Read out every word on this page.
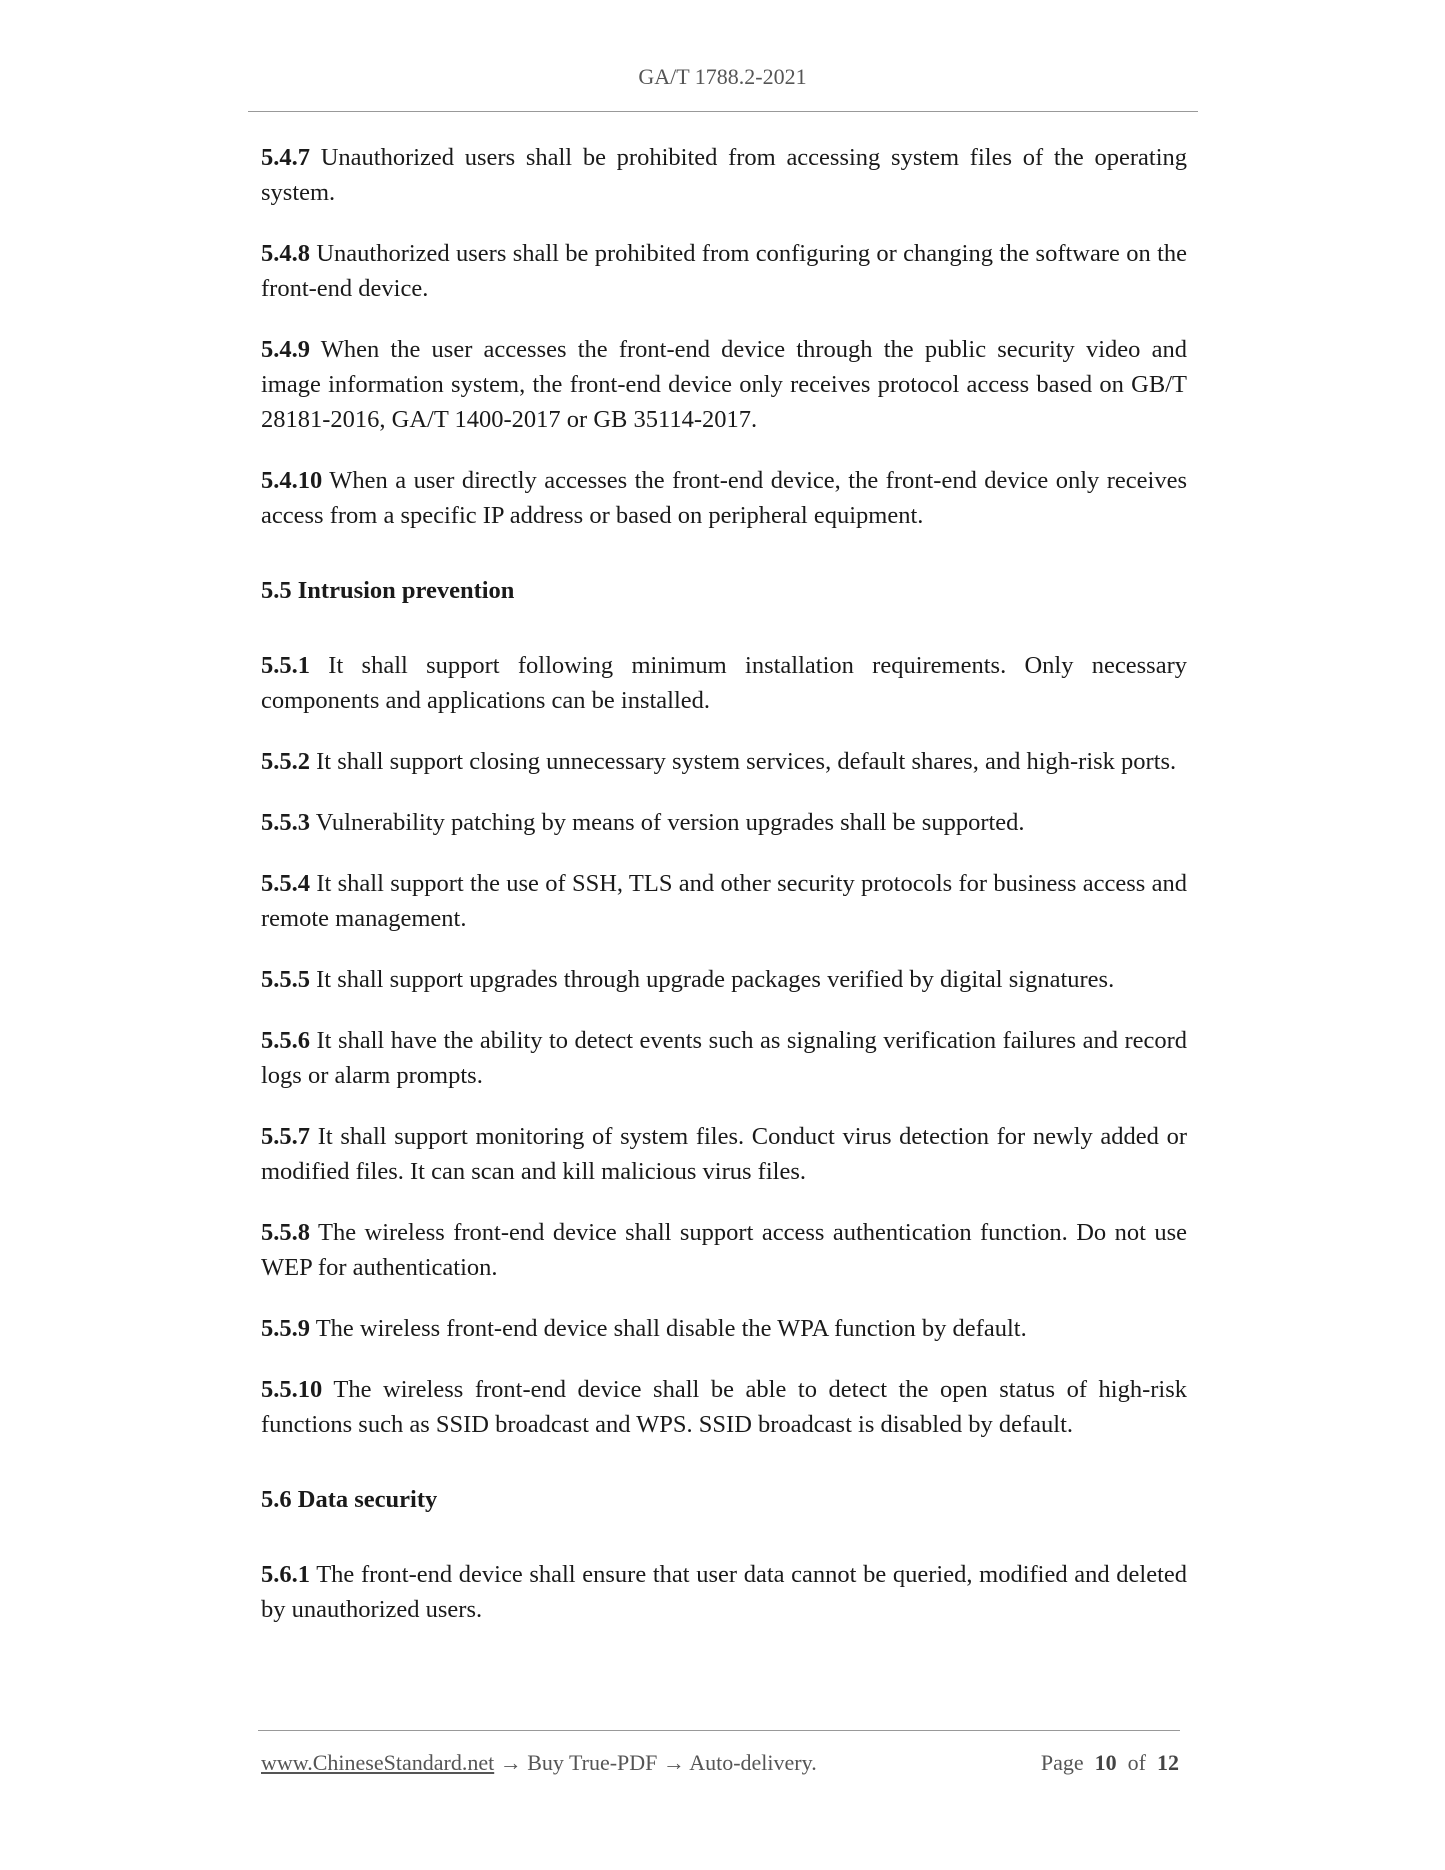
GA/T 1788.2-2021

5.4.7 Unauthorized users shall be prohibited from accessing system files of the operating system.

5.4.8 Unauthorized users shall be prohibited from configuring or changing the software on the front-end device.

5.4.9 When the user accesses the front-end device through the public security video and image information system, the front-end device only receives protocol access based on GB/T 28181-2016, GA/T 1400-2017 or GB 35114-2017.

5.4.10 When a user directly accesses the front-end device, the front-end device only receives access from a specific IP address or based on peripheral equipment.

5.5 Intrusion prevention

5.5.1 It shall support following minimum installation requirements. Only necessary components and applications can be installed.

5.5.2 It shall support closing unnecessary system services, default shares, and high-risk ports.

5.5.3 Vulnerability patching by means of version upgrades shall be supported.

5.5.4 It shall support the use of SSH, TLS and other security protocols for business access and remote management.

5.5.5 It shall support upgrades through upgrade packages verified by digital signatures.

5.5.6 It shall have the ability to detect events such as signaling verification failures and record logs or alarm prompts.

5.5.7 It shall support monitoring of system files. Conduct virus detection for newly added or modified files. It can scan and kill malicious virus files.

5.5.8 The wireless front-end device shall support access authentication function. Do not use WEP for authentication.

5.5.9 The wireless front-end device shall disable the WPA function by default.

5.5.10 The wireless front-end device shall be able to detect the open status of high-risk functions such as SSID broadcast and WPS. SSID broadcast is disabled by default.

5.6 Data security

5.6.1 The front-end device shall ensure that user data cannot be queried, modified and deleted by unauthorized users.

www.ChineseStandard.net → Buy True-PDF → Auto-delivery.	Page 10 of 12
